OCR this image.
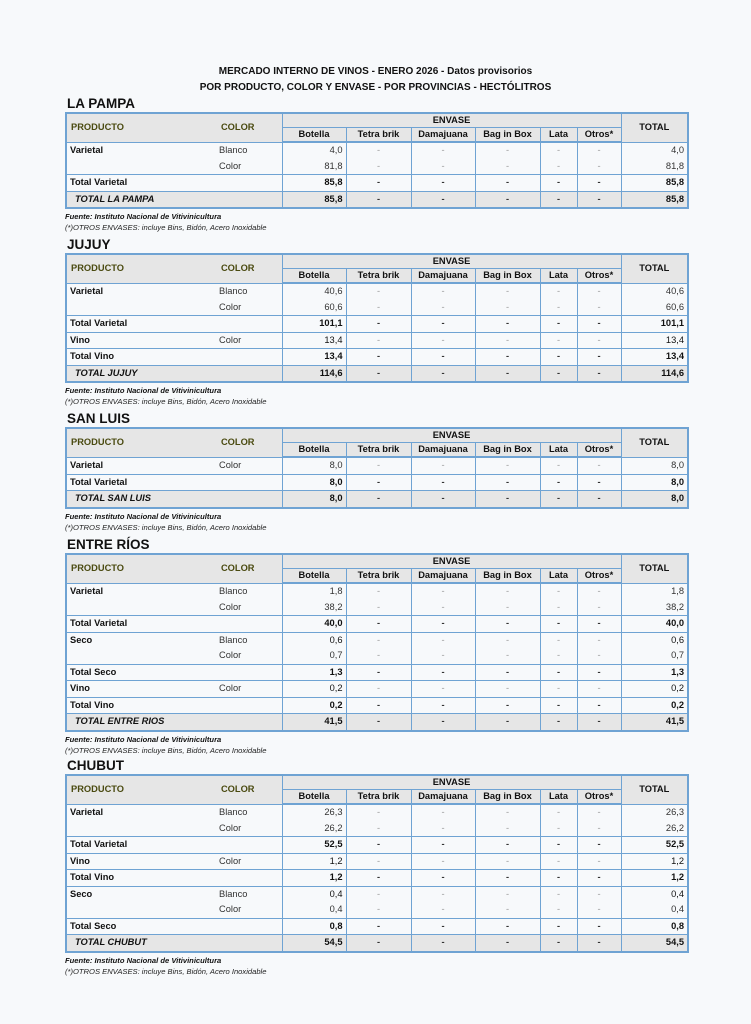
MERCADO INTERNO DE VINOS - ENERO 2026 - Datos provisorios
POR PRODUCTO, COLOR Y ENVASE - POR PROVINCIAS - HECTÓLITROS
LA PAMPA
PRODUCTO	COLOR	ENVASE						TOTAL
		Botella	Tetra brik	Damajuana	Bag in Box	Lata	Otros*	
Varietal	Blanco	4,0	-	-	-	-	-	4,0
	Color	81,8	-	-	-	-	-	81,8
Total Varietal		85,8	-	-	-	-	-	85,8
TOTAL LA PAMPA		85,8	-	-	-	-	-	85,8
Fuente: Instituto Nacional de Vitivinicultura
(*)OTROS ENVASES: incluye Bins, Bidón, Acero Inoxidable
JUJUY
PRODUCTO	COLOR	ENVASE						TOTAL
		Botella	Tetra brik	Damajuana	Bag in Box	Lata	Otros*	
Varietal	Blanco	40,6	-	-	-	-	-	40,6
	Color	60,6	-	-	-	-	-	60,6
Total Varietal		101,1	-	-	-	-	-	101,1
Vino	Color	13,4	-	-	-	-	-	13,4
Total Vino		13,4	-	-	-	-	-	13,4
TOTAL JUJUY		114,6	-	-	-	-	-	114,6
Fuente: Instituto Nacional de Vitivinicultura
(*)OTROS ENVASES: incluye Bins, Bidón, Acero Inoxidable
SAN LUIS
PRODUCTO	COLOR	ENVASE						TOTAL
		Botella	Tetra brik	Damajuana	Bag in Box	Lata	Otros*	
Varietal	Color	8,0	-	-	-	-	-	8,0
Total Varietal		8,0	-	-	-	-	-	8,0
TOTAL SAN LUIS		8,0	-	-	-	-	-	8,0
Fuente: Instituto Nacional de Vitivinicultura
(*)OTROS ENVASES: incluye Bins, Bidón, Acero Inoxidable
ENTRE RÍOS
PRODUCTO	COLOR	ENVASE						TOTAL
		Botella	Tetra brik	Damajuana	Bag in Box	Lata	Otros*	
Varietal	Blanco	1,8	-	-	-	-	-	1,8
	Color	38,2	-	-	-	-	-	38,2
Total Varietal		40,0	-	-	-	-	-	40,0
Seco	Blanco	0,6	-	-	-	-	-	0,6
	Color	0,7	-	-	-	-	-	0,7
Total Seco		1,3	-	-	-	-	-	1,3
Vino	Color	0,2	-	-	-	-	-	0,2
Total Vino		0,2	-	-	-	-	-	0,2
TOTAL ENTRE RIOS		41,5	-	-	-	-	-	41,5
Fuente: Instituto Nacional de Vitivinicultura
(*)OTROS ENVASES: incluye Bins, Bidón, Acero Inoxidable
CHUBUT
PRODUCTO	COLOR	ENVASE						TOTAL
		Botella	Tetra brik	Damajuana	Bag in Box	Lata	Otros*	
Varietal	Blanco	26,3	-	-	-	-	-	26,3
	Color	26,2	-	-	-	-	-	26,2
Total Varietal		52,5	-	-	-	-	-	52,5
Vino	Color	1,2	-	-	-	-	-	1,2
Total Vino		1,2	-	-	-	-	-	1,2
Seco	Blanco	0,4	-	-	-	-	-	0,4
	Color	0,4	-	-	-	-	-	0,4
Total Seco		0,8	-	-	-	-	-	0,8
TOTAL CHUBUT		54,5	-	-	-	-	-	54,5
Fuente: Instituto Nacional de Vitivinicultura
(*)OTROS ENVASES: incluye Bins, Bidón, Acero Inoxidable
